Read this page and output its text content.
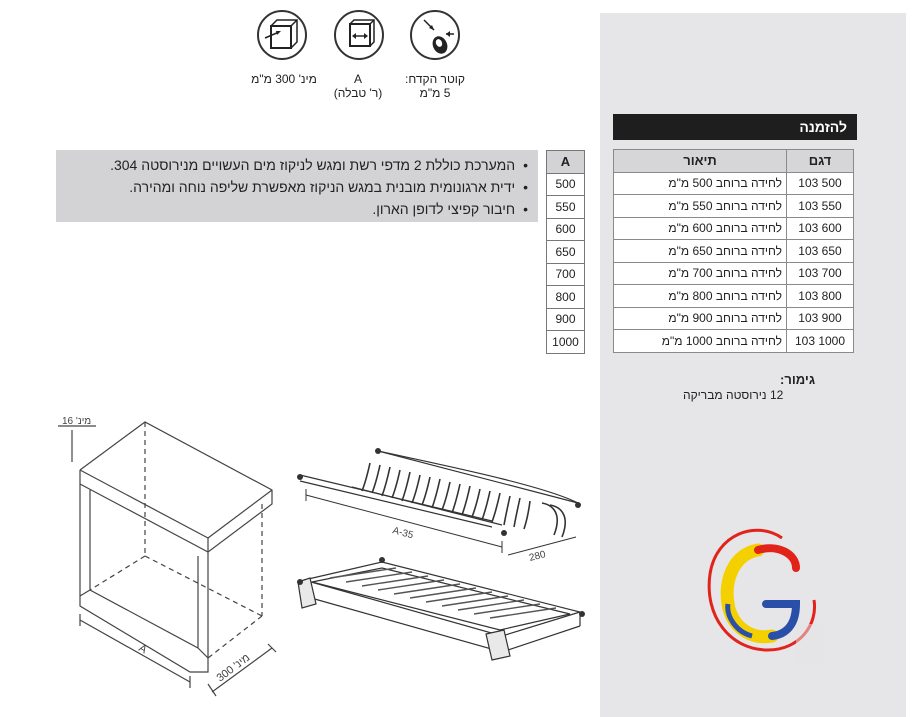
קוטר הקדח:
5 מ"מ
A
(ר' טבלה)
מינ' 300 מ"מ
• המערכת כוללת 2 מדפי רשת ומגש לניקוז מים העשויים מנירוסטה 304.
• ידית ארגונומית מובנית במגש הניקוז מאפשרת שליפה נוחה ומהירה.
• חיבור קפיצי לדופן הארון.
A
500
550
600
650
700
800
900
1000
להזמנה
דגם	תיאור
103 500	לחידה ברוחב 500 מ"מ
103 550	לחידה ברוחב 550 מ"מ
103 600	לחידה ברוחב 600 מ"מ
103 650	לחידה ברוחב 650 מ"מ
103 700	לחידה ברוחב 700 מ"מ
103 800	לחידה ברוחב 800 מ"מ
103 900	לחידה ברוחב 900 מ"מ
103 1000	לחידה ברוחב 1000 מ"מ
גימור:
12 נירוסטה מבריקה
מינ' 16
A
מינ' 300
A-35
280
